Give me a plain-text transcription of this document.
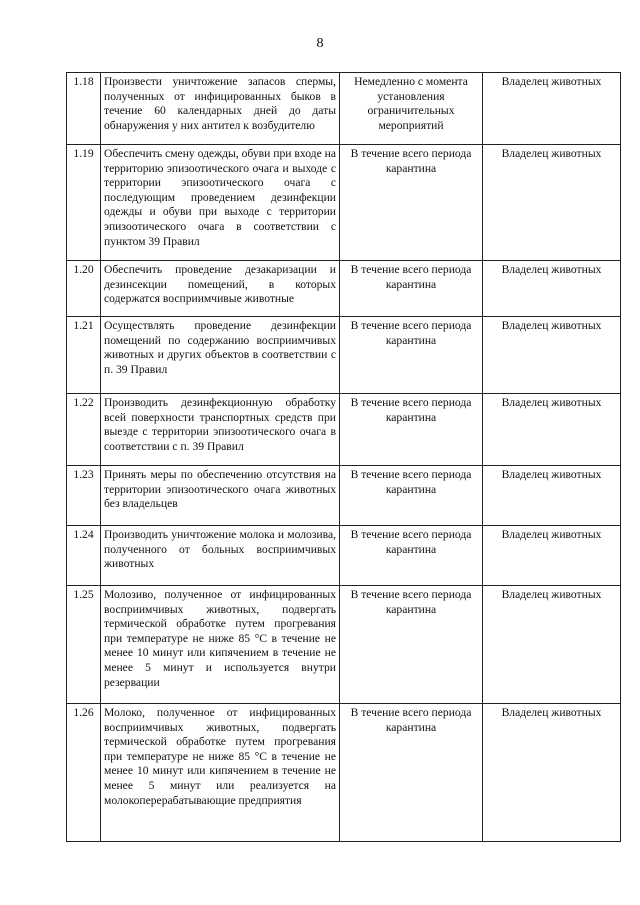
8
1.18	Произвести уничтожение запасов спермы, полученных от инфицированных быков в течение 60 календарных дней до даты обнаружения у них антител к возбудителю	Немедленно с момента установления ограничительных мероприятий	Владелец животных
1.19	Обеспечить смену одежды, обуви при входе на территорию эпизоотического очага и выходе с территории эпизоотического очага с последующим проведением дезинфекции одежды и обуви при выходе с территории эпизоотического очага в соответствии с пунктом 39 Правил	В течение всего периода карантина	Владелец животных
1.20	Обеспечить проведение дезакаризации и дезинсекции помещений, в которых содержатся восприимчивые животные	В течение всего периода карантина	Владелец животных
1.21	Осуществлять проведение дезинфекции помещений по содержанию восприимчивых животных и других объектов в соответствии с п. 39 Правил	В течение всего периода карантина	Владелец животных
1.22	Производить дезинфекционную обработку всей поверхности транспортных средств при выезде с территории эпизоотического очага в соответствии с п. 39 Правил	В течение всего периода карантина	Владелец животных
1.23	Принять меры по обеспечению отсутствия на территории эпизоотического очага животных без владельцев	В течение всего периода карантина	Владелец животных
1.24	Производить уничтожение молока и молозива, полученного от больных восприимчивых животных	В течение всего периода карантина	Владелец животных
1.25	Молозиво, полученное от инфицированных восприимчивых животных, подвергать термической обработке путем прогревания при температуре не ниже 85 °С в течение не менее 10 минут или кипячением в течение не менее 5 минут и используется внутри резервации	В течение всего периода карантина	Владелец животных
1.26	Молоко, полученное от инфицированных восприимчивых животных, подвергать термической обработке путем прогревания при температуре не ниже 85 °С в течение не менее 10 минут или кипячением в течение не менее 5 минут или реализуется на молокоперерабатывающие предприятия	В течение всего периода карантина	Владелец животных
